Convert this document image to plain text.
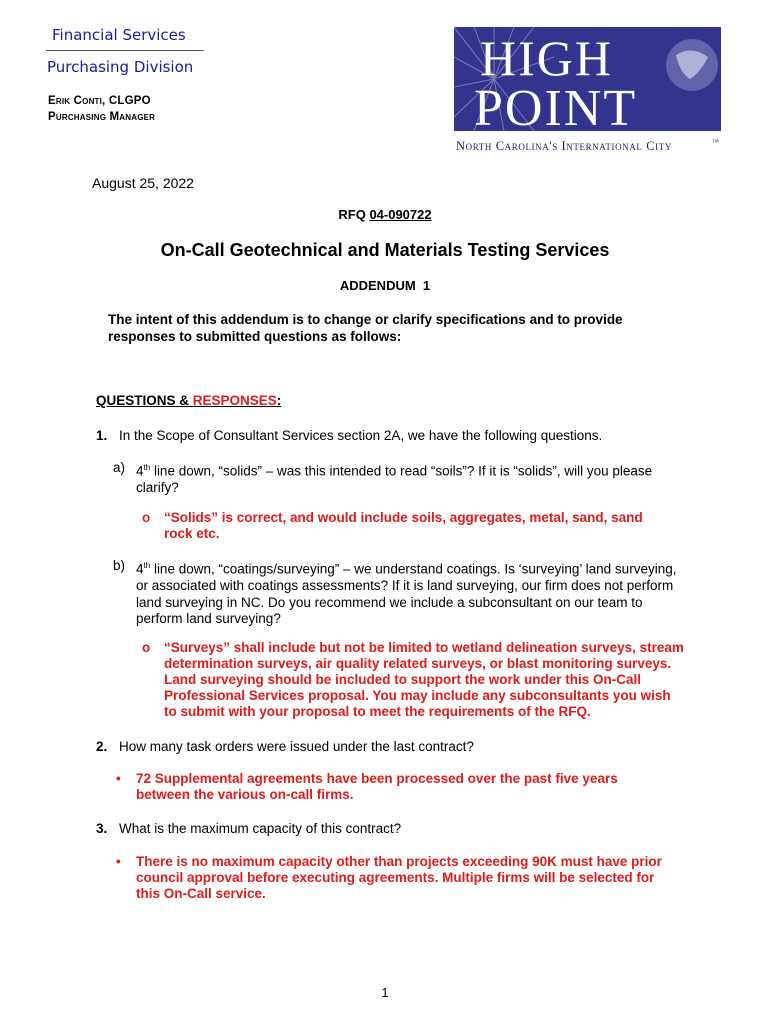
Financial Services
Purchasing Division
Erik Conti, CLGPO
Purchasing Manager
HIGH
POINT
North Carolina's International City	™
August 25, 2022
RFQ 04-090722
On-Call Geotechnical and Materials Testing Services
ADDENDUM  1
The intent of this addendum is to change or clarify specifications and to provide responses to submitted questions as follows:
QUESTIONS & RESPONSES:
1. In the Scope of Consultant Services section 2A, we have the following questions.
a) 4th line down, “solids” – was this intended to read “soils”? If it is “solids”, will you please clarify?
o “Solids” is correct, and would include soils, aggregates, metal, sand, sand rock etc.
b) 4th line down, “coatings/surveying” – we understand coatings. Is ‘surveying’ land surveying, or associated with coatings assessments? If it is land surveying, our firm does not perform land surveying in NC. Do you recommend we include a subconsultant on our team to perform land surveying?
o “Surveys” shall include but not be limited to wetland delineation surveys, stream determination surveys, air quality related surveys, or blast monitoring surveys. Land surveying should be included to support the work under this On-Call Professional Services proposal. You may include any subconsultants you wish to submit with your proposal to meet the requirements of the RFQ.
2. How many task orders were issued under the last contract?
• 72 Supplemental agreements have been processed over the past five years between the various on-call firms.
3. What is the maximum capacity of this contract?
• There is no maximum capacity other than projects exceeding 90K must have prior council approval before executing agreements. Multiple firms will be selected for this On-Call service.
1
